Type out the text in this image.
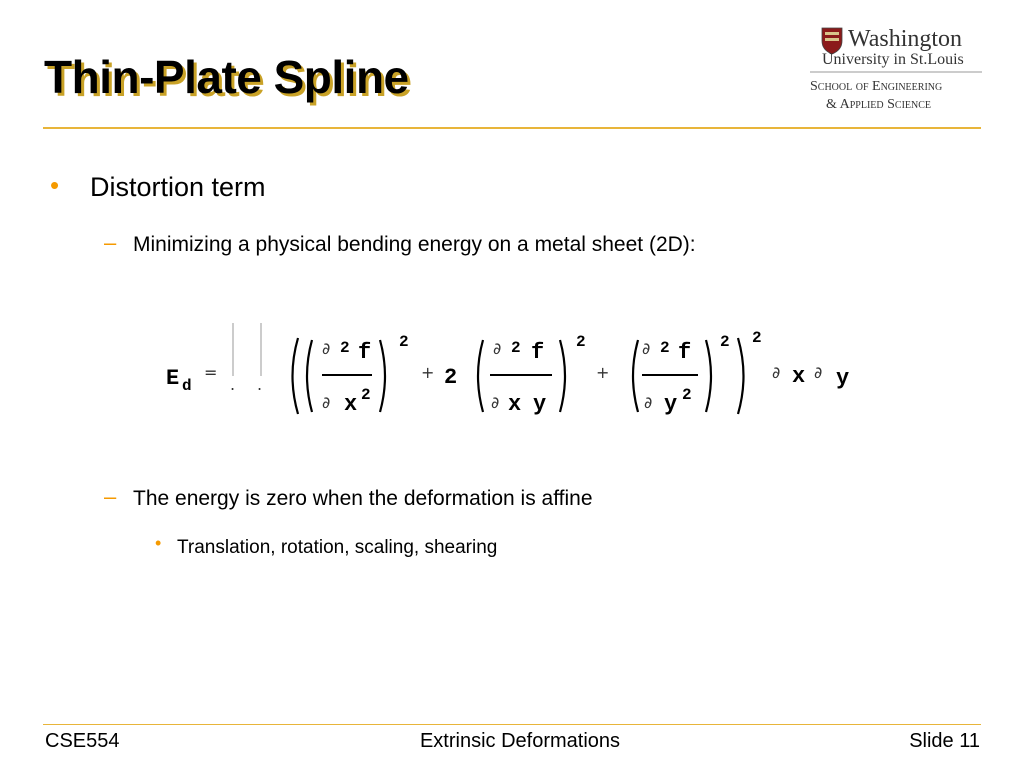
Thin-Plate Spline
Washington
University in St.Louis
School of Engineering
& Applied Science
• Distortion term
– Minimizing a physical bending energy on a metal sheet (2D):
E d
=
. .
∂ 2 f
∂ x 2
2
+ 2
∂ 2 f
∂ x y
2
+
∂ 2 f
∂ y 2
2 2
∂ x ∂ y
– The energy is zero when the deformation is affine
• Translation, rotation, scaling, shearing
CSE554	Extrinsic Deformations	Slide 11
